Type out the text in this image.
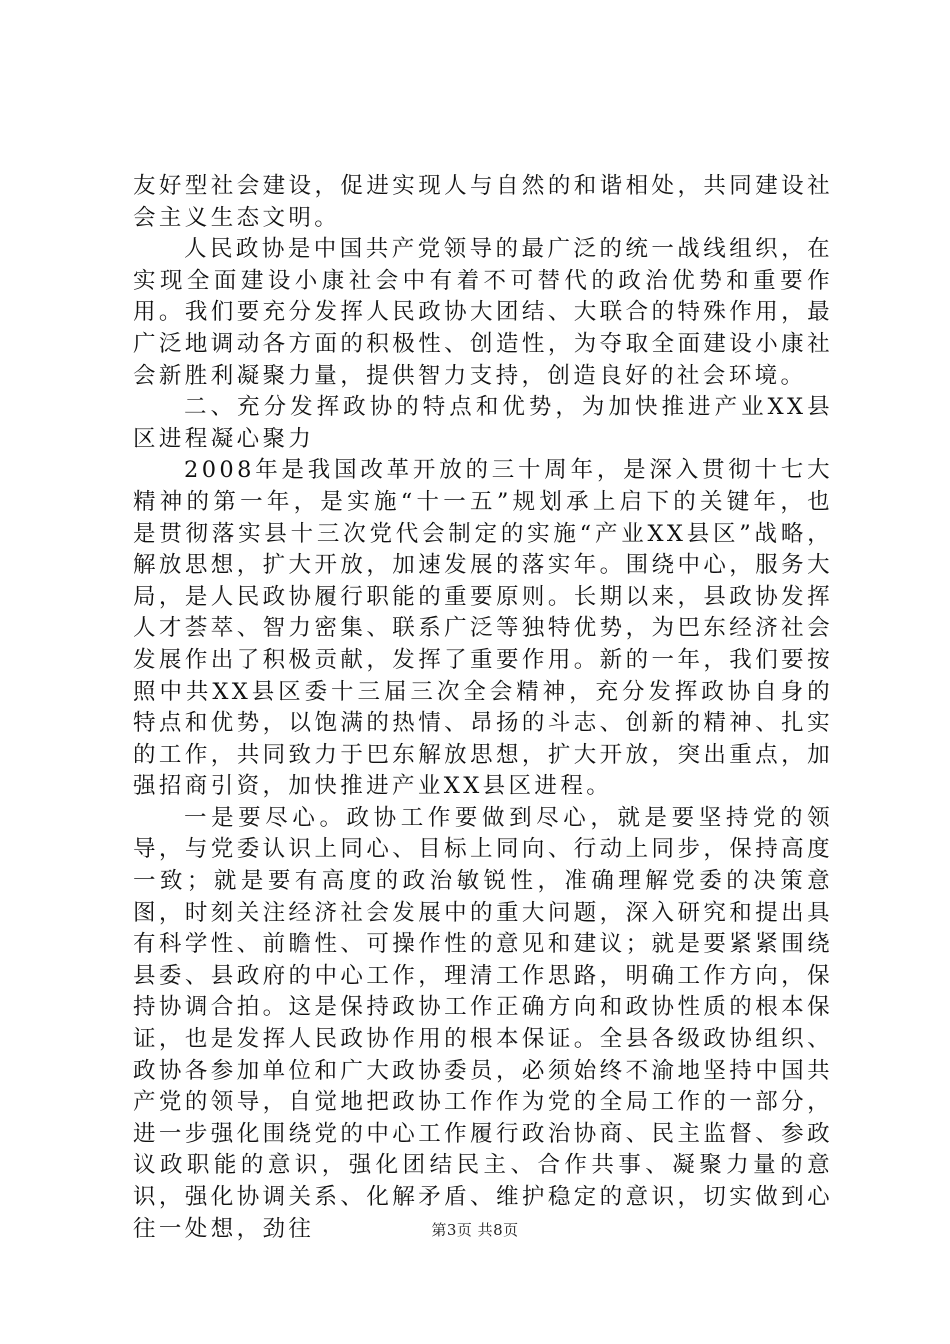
友好型社会建设，促进实现人与自然的和谐相处，共同建设社会主义生态文明。

人民政协是中国共产党领导的最广泛的统一战线组织，在实现全面建设小康社会中有着不可替代的政治优势和重要作用。我们要充分发挥人民政协大团结、大联合的特殊作用，最广泛地调动各方面的积极性、创造性，为夺取全面建设小康社会新胜利凝聚力量，提供智力支持，创造良好的社会环境。

二、充分发挥政协的特点和优势，为加快推进产业XX县区进程凝心聚力

2008年是我国改革开放的三十周年，是深入贯彻十七大精神的第一年，是实施“十一五”规划承上启下的关键年，也是贯彻落实县十三次党代会制定的实施“产业XX县区”战略，解放思想，扩大开放，加速发展的落实年。围绕中心，服务大局，是人民政协履行职能的重要原则。长期以来，县政协发挥人才荟萃、智力密集、联系广泛等独特优势，为巴东经济社会发展作出了积极贡献，发挥了重要作用。新的一年，我们要按照中共XX县区委十三届三次全会精神，充分发挥政协自身的特点和优势，以饱满的热情、昂扬的斗志、创新的精神、扎实的工作，共同致力于巴东解放思想，扩大开放，突出重点，加强招商引资，加快推进产业XX县区进程。

一是要尽心。政协工作要做到尽心，就是要坚持党的领导，与党委认识上同心、目标上同向、行动上同步，保持高度一致；就是要有高度的政治敏锐性，准确理解党委的决策意图，时刻关注经济社会发展中的重大问题，深入研究和提出具有科学性、前瞻性、可操作性的意见和建议；就是要紧紧围绕县委、县政府的中心工作，理清工作思路，明确工作方向，保持协调合拍。这是保持政协工作正确方向和政协性质的根本保证，也是发挥人民政协作用的根本保证。全县各级政协组织、政协各参加单位和广大政协委员，必须始终不渝地坚持中国共产党的领导，自觉地把政协工作作为党的全局工作的一部分，进一步强化围绕党的中心工作履行政治协商、民主监督、参政议政职能的意识，强化团结民主、合作共事、凝聚力量的意识，强化协调关系、化解矛盾、维护稳定的意识，切实做到心往一处想，劲往	第3页 共8页
